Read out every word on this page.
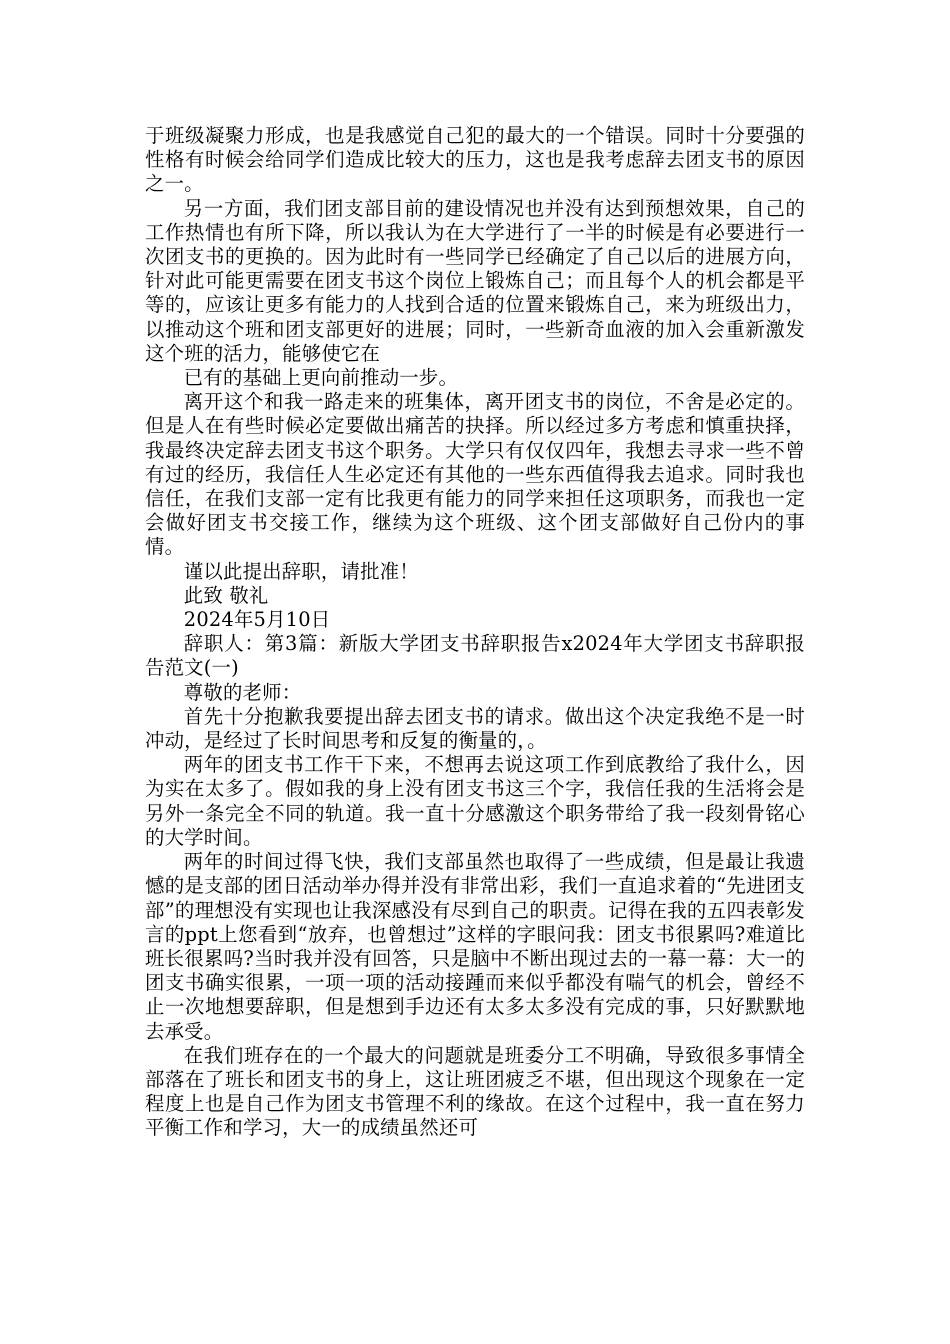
于班级凝聚力形成，也是我感觉自己犯的最大的一个错误。同时十分要强的性格有时候会给同学们造成比较大的压力，这也是我考虑辞去团支书的原因之一。

另一方面，我们团支部目前的建设情况也并没有达到预想效果，自己的工作热情也有所下降，所以我认为在大学进行了一半的时候是有必要进行一次团支书的更换的。因为此时有一些同学已经确定了自己以后的进展方向，针对此可能更需要在团支书这个岗位上锻炼自己；而且每个人的机会都是平等的，应该让更多有能力的人找到合适的位置来锻炼自己，来为班级出力，以推动这个班和团支部更好的进展；同时，一些新奇血液的加入会重新激发这个班的活力，能够使它在

已有的基础上更向前推动一步。

离开这个和我一路走来的班集体，离开团支书的岗位，不舍是必定的。但是人在有些时候必定要做出痛苦的抉择。所以经过多方考虑和慎重抉择，我最终决定辞去团支书这个职务。大学只有仅仅四年，我想去寻求一些不曾有过的经历，我信任人生必定还有其他的一些东西值得我去追求。同时我也信任，在我们支部一定有比我更有能力的同学来担任这项职务，而我也一定会做好团支书交接工作，继续为这个班级、这个团支部做好自己份内的事情。

谨以此提出辞职，请批准！

此致 敬礼

2024年5月10日

辞职人：第3篇：新版大学团支书辞职报告x2024年大学团支书辞职报告范文(一)

尊敬的老师：

首先十分抱歉我要提出辞去团支书的请求。做出这个决定我绝不是一时冲动，是经过了长时间思考和反复的衡量的，。

两年的团支书工作干下来，不想再去说这项工作到底教给了我什么，因为实在太多了。假如我的身上没有团支书这三个字，我信任我的生活将会是另外一条完全不同的轨道。我一直十分感激这个职务带给了我一段刻骨铭心的大学时间。

两年的时间过得飞快，我们支部虽然也取得了一些成绩，但是最让我遗憾的是支部的团日活动举办得并没有非常出彩，我们一直追求着的“先进团支部”的理想没有实现也让我深感没有尽到自己的职责。记得在我的五四表彰发言的ppt上您看到“放弃，也曾想过”这样的字眼问我：团支书很累吗?难道比班长很累吗?当时我并没有回答，只是脑中不断出现过去的一幕一幕：大一的团支书确实很累，一项一项的活动接踵而来似乎都没有喘气的机会，曾经不止一次地想要辞职，但是想到手边还有太多太多没有完成的事，只好默默地去承受。

在我们班存在的一个最大的问题就是班委分工不明确，导致很多事情全部落在了班长和团支书的身上，这让班团疲乏不堪，但出现这个现象在一定程度上也是自己作为团支书管理不利的缘故。在这个过程中，我一直在努力平衡工作和学习，大一的成绩虽然还可
